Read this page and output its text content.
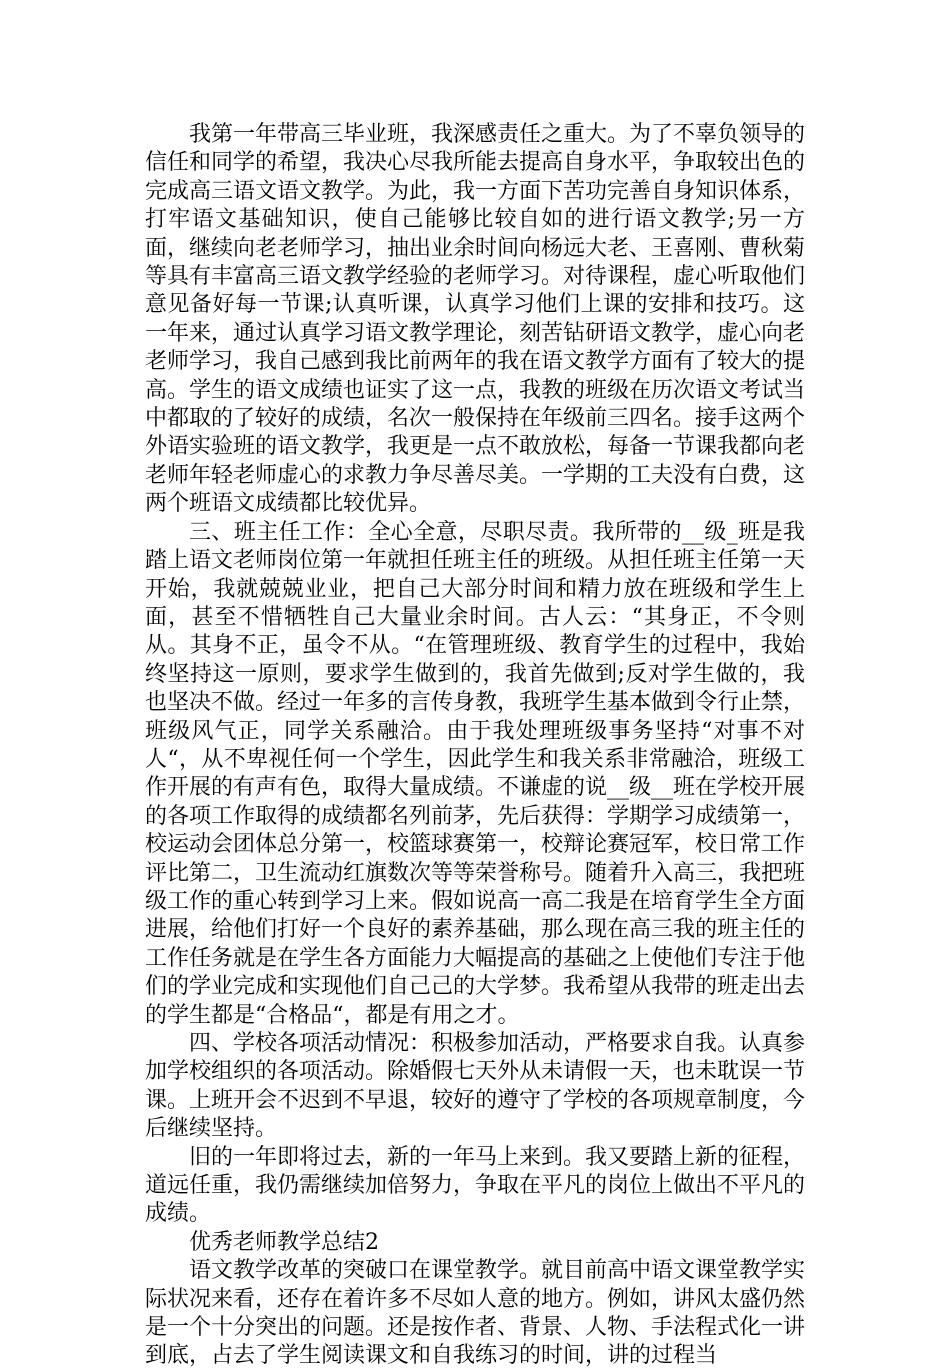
我第一年带高三毕业班，我深感责任之重大。为了不辜负领导的信任和同学的希望，我决心尽我所能去提高自身水平，争取较出色的完成高三语文语文教学。为此，我一方面下苦功完善自身知识体系，打牢语文基础知识，使自己能够比较自如的进行语文教学;另一方面，继续向老老师学习，抽出业余时间向杨远大老、王喜刚、曹秋菊等具有丰富高三语文教学经验的老师学习。对待课程，虚心听取他们意见备好每一节课;认真听课，认真学习他们上课的安排和技巧。这一年来，通过认真学习语文教学理论，刻苦钻研语文教学，虚心向老老师学习，我自己感到我比前两年的我在语文教学方面有了较大的提高。学生的语文成绩也证实了这一点，我教的班级在历次语文考试当中都取的了较好的成绩，名次一般保持在年级前三四名。接手这两个外语实验班的语文教学，我更是一点不敢放松，每备一节课我都向老老师年轻老师虚心的求教力争尽善尽美。一学期的工夫没有白费，这两个班语文成绩都比较优异。

三、班主任工作：全心全意，尽职尽责。我所带的__级_班是我踏上语文老师岗位第一年就担任班主任的班级。从担任班主任第一天开始，我就兢兢业业，把自己大部分时间和精力放在班级和学生上面，甚至不惜牺牲自己大量业余时间。古人云：“其身正，不令则从。其身不正，虽令不从。“在管理班级、教育学生的过程中，我始终坚持这一原则，要求学生做到的，我首先做到;反对学生做的，我也坚决不做。经过一年多的言传身教，我班学生基本做到令行止禁，班级风气正，同学关系融洽。由于我处理班级事务坚持“对事不对人“，从不卑视任何一个学生，因此学生和我关系非常融洽，班级工作开展的有声有色，取得大量成绩。不谦虚的说__级__班在学校开展的各项工作取得的成绩都名列前茅，先后获得：学期学习成绩第一，校运动会团体总分第一，校篮球赛第一，校辩论赛冠军，校日常工作评比第二，卫生流动红旗数次等等荣誉称号。随着升入高三，我把班级工作的重心转到学习上来。假如说高一高二我是在培育学生全方面进展，给他们打好一个良好的素养基础，那么现在高三我的班主任的工作任务就是在学生各方面能力大幅提高的基础之上使他们专注于他们的学业完成和实现他们自己己的大学梦。我希望从我带的班走出去的学生都是“合格品“，都是有用之才。

四、学校各项活动情况：积极参加活动，严格要求自我。认真参加学校组织的各项活动。除婚假七天外从未请假一天，也未耽误一节课。上班开会不迟到不早退，较好的遵守了学校的各项规章制度，今后继续坚持。

旧的一年即将过去，新的一年马上来到。我又要踏上新的征程，道远任重，我仍需继续加倍努力，争取在平凡的岗位上做出不平凡的成绩。

优秀老师教学总结2

语文教学改革的突破口在课堂教学。就目前高中语文课堂教学实际状况来看，还存在着许多不尽如人意的地方。例如，讲风太盛仍然是一个十分突出的问题。还是按作者、背景、人物、手法程式化一讲到底，占去了学生阅读课文和自我练习的时间，讲的过程当
